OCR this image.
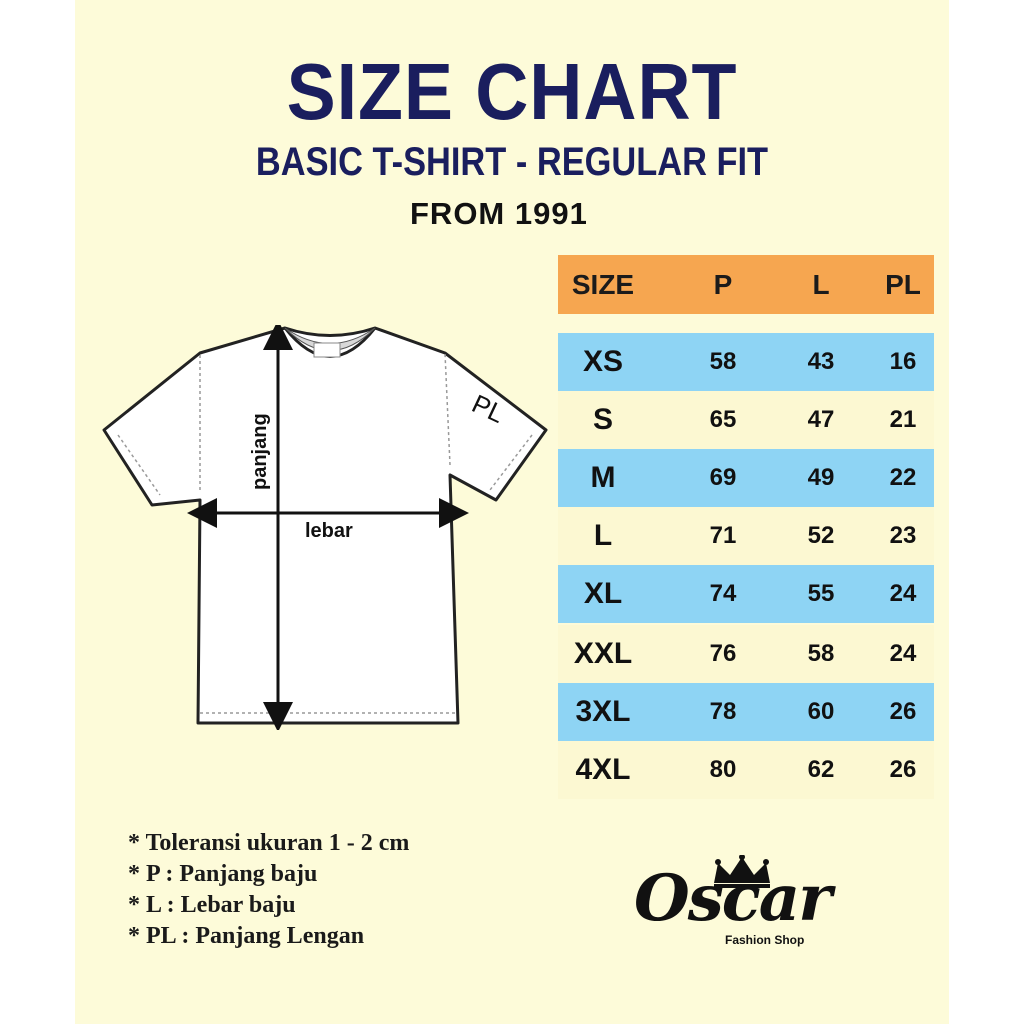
SIZE CHART
BASIC T-SHIRT - REGULAR FIT
FROM 1991
panjang
lebar
PL
SIZE	P	L	PL
XS	58	43	16
S	65	47	21
M	69	49	22
L	71	52	23
XL	74	55	24
XXL	76	58	24
3XL	78	60	26
4XL	80	62	26
* Toleransi ukuran 1 - 2 cm
* P : Panjang baju
* L : Lebar baju
* PL : Panjang Lengan	Oscar
Fashion Shop
